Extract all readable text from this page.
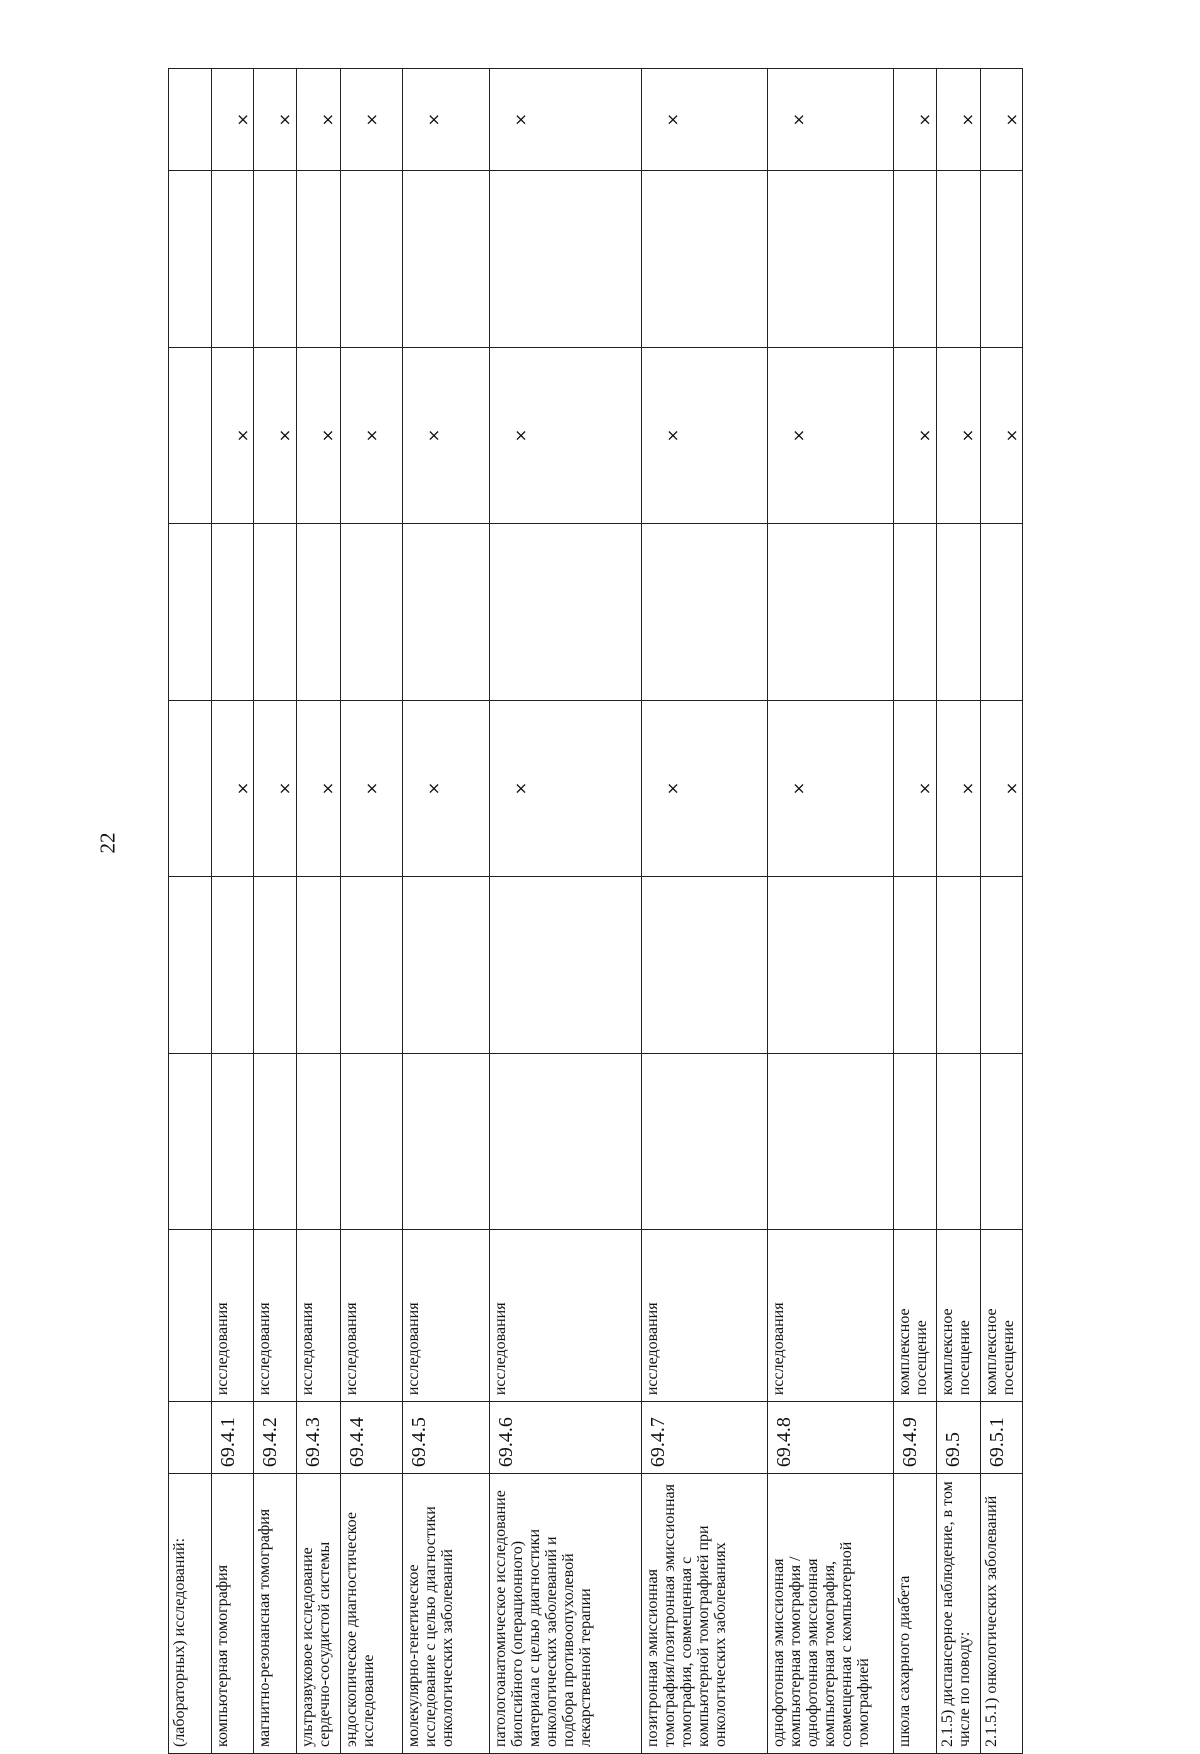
22
(лабораторных) исследований:									
компьютерная томография	69.4.1	исследования			×		×		×
магнитно-резонансная томография	69.4.2	исследования			×		×		×
ультразвуковое исследование сердечно-сосудистой системы	69.4.3	исследования			×		×		×
эндоскопическое диагностическое исследование	69.4.4	исследования			×		×		×
молекулярно-генетическое исследование с целью диагностики онкологических заболеваний	69.4.5	исследования			×		×		×
патологоанатомическое исследование биопсийного (операционного) материала с целью диагностики онкологических заболеваний и подбора противоопухолевой лекарственной терапии	69.4.6	исследования			×		×		×
позитронная эмиссионная томография/позитронная эмиссионная томография, совмещенная с компьютерной томографией при онкологических заболеваниях	69.4.7	исследования			×		×		×
однофотонная эмиссионная компьютерная томография / однофотонная эмиссионная компьютерная томография, совмещенная с компьютерной томографией	69.4.8	исследования			×		×		×
школа сахарного диабета	69.4.9	комплексное посещение			×		×		×
2.1.5) диспансерное наблюдение, в том числе по поводу:	69.5	комплексное посещение			×		×		×
2.1.5.1) онкологических заболеваний	69.5.1	комплексное посещение			×		×		×
